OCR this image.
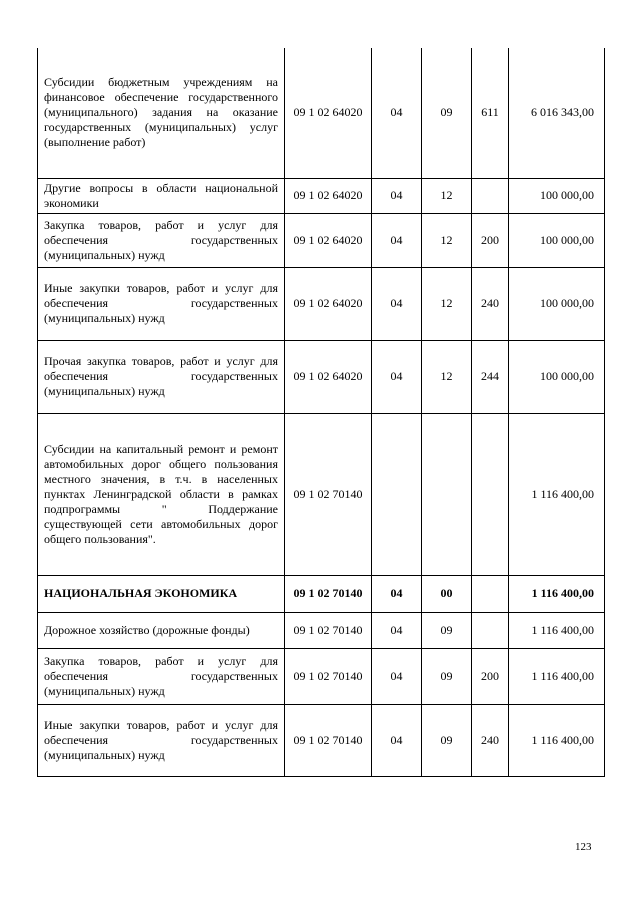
Субсидии бюджетным учреждениям на финансовое обеспечение государственного (муниципального) задания на оказание государственных (муниципальных) услуг (выполнение работ)	09 1 02 64020	04	09	611	6 016 343,00
Другие вопросы в области национальной экономики	09 1 02 64020	04	12		100 000,00
Закупка товаров, работ и услуг для обеспечения государственных (муниципальных) нужд	09 1 02 64020	04	12	200	100 000,00
Иные закупки товаров, работ и услуг для обеспечения государственных (муниципальных) нужд	09 1 02 64020	04	12	240	100 000,00
Прочая закупка товаров, работ и услуг для обеспечения государственных (муниципальных) нужд	09 1 02 64020	04	12	244	100 000,00
Субсидии на капитальный ремонт и ремонт автомобильных дорог общего пользования местного значения, в т.ч. в населенных пунктах Ленинградской области в рамках подпрограммы " Поддержание существующей сети автомобильных дорог общего пользования".	09 1 02 70140				1 116 400,00
НАЦИОНАЛЬНАЯ ЭКОНОМИКА	09 1 02 70140	04	00		1 116 400,00
Дорожное хозяйство (дорожные фонды)	09 1 02 70140	04	09		1 116 400,00
Закупка товаров, работ и услуг для обеспечения государственных (муниципальных) нужд	09 1 02 70140	04	09	200	1 116 400,00
Иные закупки товаров, работ и услуг для обеспечения государственных (муниципальных) нужд	09 1 02 70140	04	09	240	1 116 400,00
123
